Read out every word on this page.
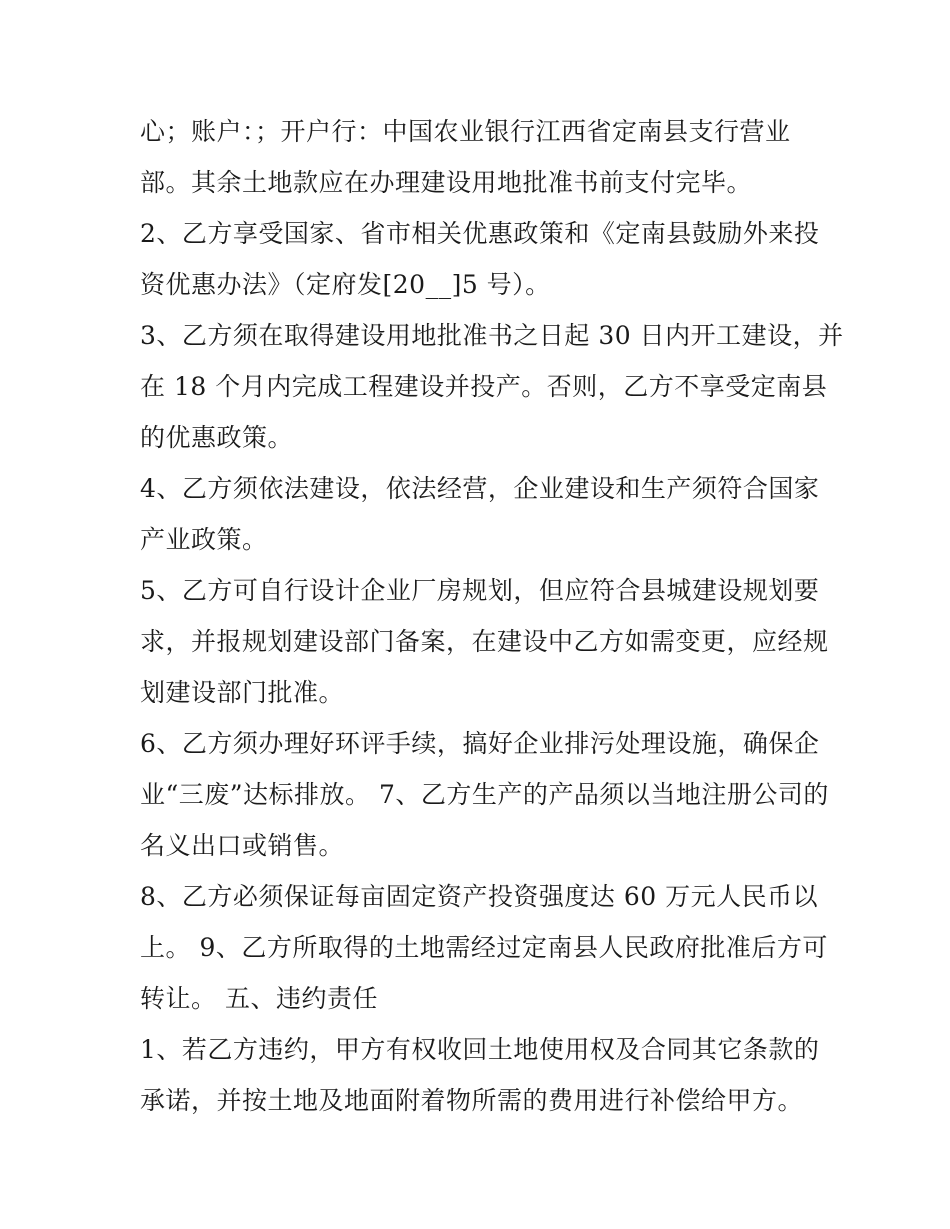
心；账户：；开户行：中国农业银行江西省定南县支行营业
部。其余土地款应在办理建设用地批准书前支付完毕。
2、乙方享受国家、省市相关优惠政策和《定南县鼓励外来投
资优惠办法》（定府发[20__]5 号）。
3、乙方须在取得建设用地批准书之日起 30 日内开工建设，并
在 18 个月内完成工程建设并投产。否则，乙方不享受定南县
的优惠政策。
4、乙方须依法建设，依法经营，企业建设和生产须符合国家
产业政策。
5、乙方可自行设计企业厂房规划，但应符合县城建设规划要
求，并报规划建设部门备案，在建设中乙方如需变更，应经规
划建设部门批准。
6、乙方须办理好环评手续，搞好企业排污处理设施，确保企
业“三废”达标排放。 7、乙方生产的产品须以当地注册公司的
名义出口或销售。
8、乙方必须保证每亩固定资产投资强度达 60 万元人民币以
上。 9、乙方所取得的土地需经过定南县人民政府批准后方可
转让。 五、违约责任
1、若乙方违约，甲方有权收回土地使用权及合同其它条款的
承诺，并按土地及地面附着物所需的费用进行补偿给甲方。
